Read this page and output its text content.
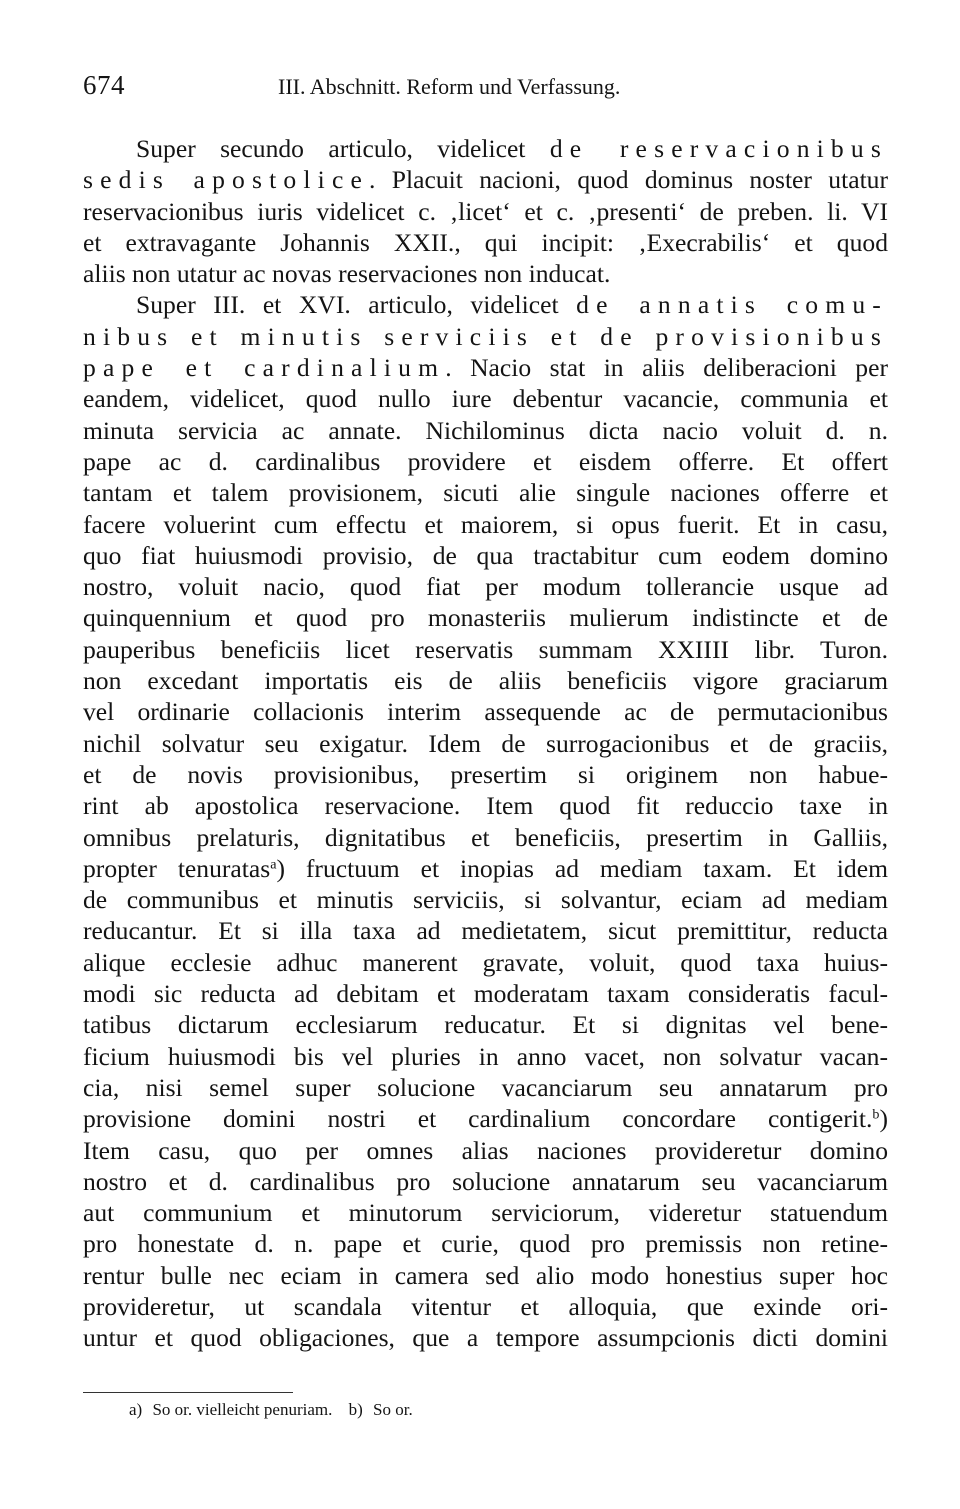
674	III. Abschnitt. Reform und Verfassung.
Super secundo articulo, videlicet de reservacionibus
sedis apostolice. Placuit nacioni, quod dominus noster utatur
reservacionibus iuris videlicet c. ‚licet‘ et c. ‚presenti‘ de preben. li. VI
et extravagante Johannis XXII., qui incipit: ‚Execrabilis‘ et quod
aliis non utatur ac novas reservaciones non inducat.
Super III. et XVI. articulo, videlicet de annatis comu-
nibus et minutis serviciis et de provisionibus
pape et cardinalium. Nacio stat in aliis deliberacioni per
eandem, videlicet, quod nullo iure debentur vacancie, communia et
minuta servicia ac annate. Nichilominus dicta nacio voluit d. n.
pape ac d. cardinalibus providere et eisdem offerre. Et offert
tantam et talem provisionem, sicuti alie singule naciones offerre et
facere voluerint cum effectu et maiorem, si opus fuerit. Et in casu,
quo fiat huiusmodi provisio, de qua tractabitur cum eodem domino
nostro, voluit nacio, quod fiat per modum tollerancie usque ad
quinquennium et quod pro monasteriis mulierum indistincte et de
pauperibus beneficiis licet reservatis summam XXIIII libr. Turon.
non excedant importatis eis de aliis beneficiis vigore graciarum
vel ordinarie collacionis interim assequende ac de permutacionibus
nichil solvatur seu exigatur. Idem de surrogacionibus et de graciis,
et de novis provisionibus, presertim si originem non habue-
rint ab apostolica reservacione. Item quod fit reduccio taxe in
omnibus prelaturis, dignitatibus et beneficiis, presertim in Galliis,
propter tenuratas$^a$) fructuum et inopias ad mediam taxam. Et idem
de communibus et minutis serviciis, si solvantur, eciam ad mediam
reducantur. Et si illa taxa ad medietatem, sicut premittitur, reducta
alique ecclesie adhuc manerent gravate, voluit, quod taxa huius-
modi sic reducta ad debitam et moderatam taxam consideratis facul-
tatibus dictarum ecclesiarum reducatur. Et si dignitas vel bene-
ficium huiusmodi bis vel pluries in anno vacet, non solvatur vacan-
cia, nisi semel super solucione vacanciarum seu annatarum pro
provisione domini nostri et cardinalium concordare contigerit.$^b$)
Item casu, quo per omnes alias naciones provideretur domino
nostro et d. cardinalibus pro solucione annatarum seu vacanciarum
aut communium et minutorum serviciorum, videretur statuendum
pro honestate d. n. pape et curie, quod pro premissis non retine-
rentur bulle nec eciam in camera sed alio modo honestius super hoc
provideretur, ut scandala vitentur et alloquia, que exinde ori-
untur et quod obligaciones, que a tempore assumpcionis dicti domini
a) So or. vielleicht penuriam. b) So or.
